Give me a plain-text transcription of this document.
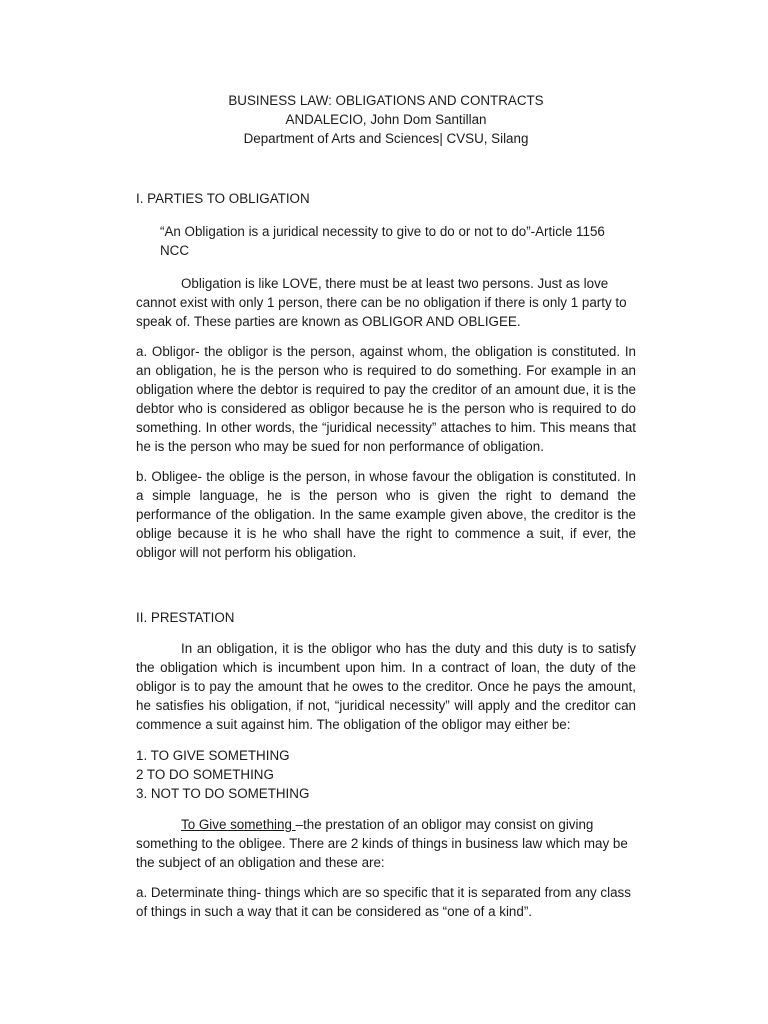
BUSINESS LAW: OBLIGATIONS AND CONTRACTS
ANDALECIO, John Dom Santillan
Department of Arts and Sciences| CVSU, Silang

I. PARTIES TO OBLIGATION

“An Obligation is a juridical necessity to give to do or not to do”-Article 1156 NCC

Obligation is like LOVE, there must be at least two persons. Just as love cannot exist with only 1 person, there can be no obligation if there is only 1 party to speak of. These parties are known as OBLIGOR AND OBLIGEE.

a. Obligor- the obligor is the person, against whom, the obligation is constituted. In an obligation, he is the person who is required to do something. For example in an obligation where the debtor is required to pay the creditor of an amount due, it is the debtor who is considered as obligor because he is the person who is required to do something. In other words, the “juridical necessity” attaches to him. This means that he is the person who may be sued for non performance of obligation.

b. Obligee- the oblige is the person, in whose favour the obligation is constituted. In a simple language, he is the person who is given the right to demand the performance of the obligation. In the same example given above, the creditor is the oblige because it is he who shall have the right to commence a suit, if ever, the obligor will not perform his obligation.

II. PRESTATION

In an obligation, it is the obligor who has the duty and this duty is to satisfy the obligation which is incumbent upon him. In a contract of loan, the duty of the obligor is to pay the amount that he owes to the creditor. Once he pays the amount, he satisfies his obligation, if not, “juridical necessity” will apply and the creditor can commence a suit against him. The obligation of the obligor may either be:

1. TO GIVE SOMETHING
2 TO DO SOMETHING
3. NOT TO DO SOMETHING

To Give something –the prestation of an obligor may consist on giving something to the obligee. There are 2 kinds of things in business law which may be the subject of an obligation and these are:

a. Determinate thing- things which are so specific that it is separated from any class of things in such a way that it can be considered as “one of a kind”.
